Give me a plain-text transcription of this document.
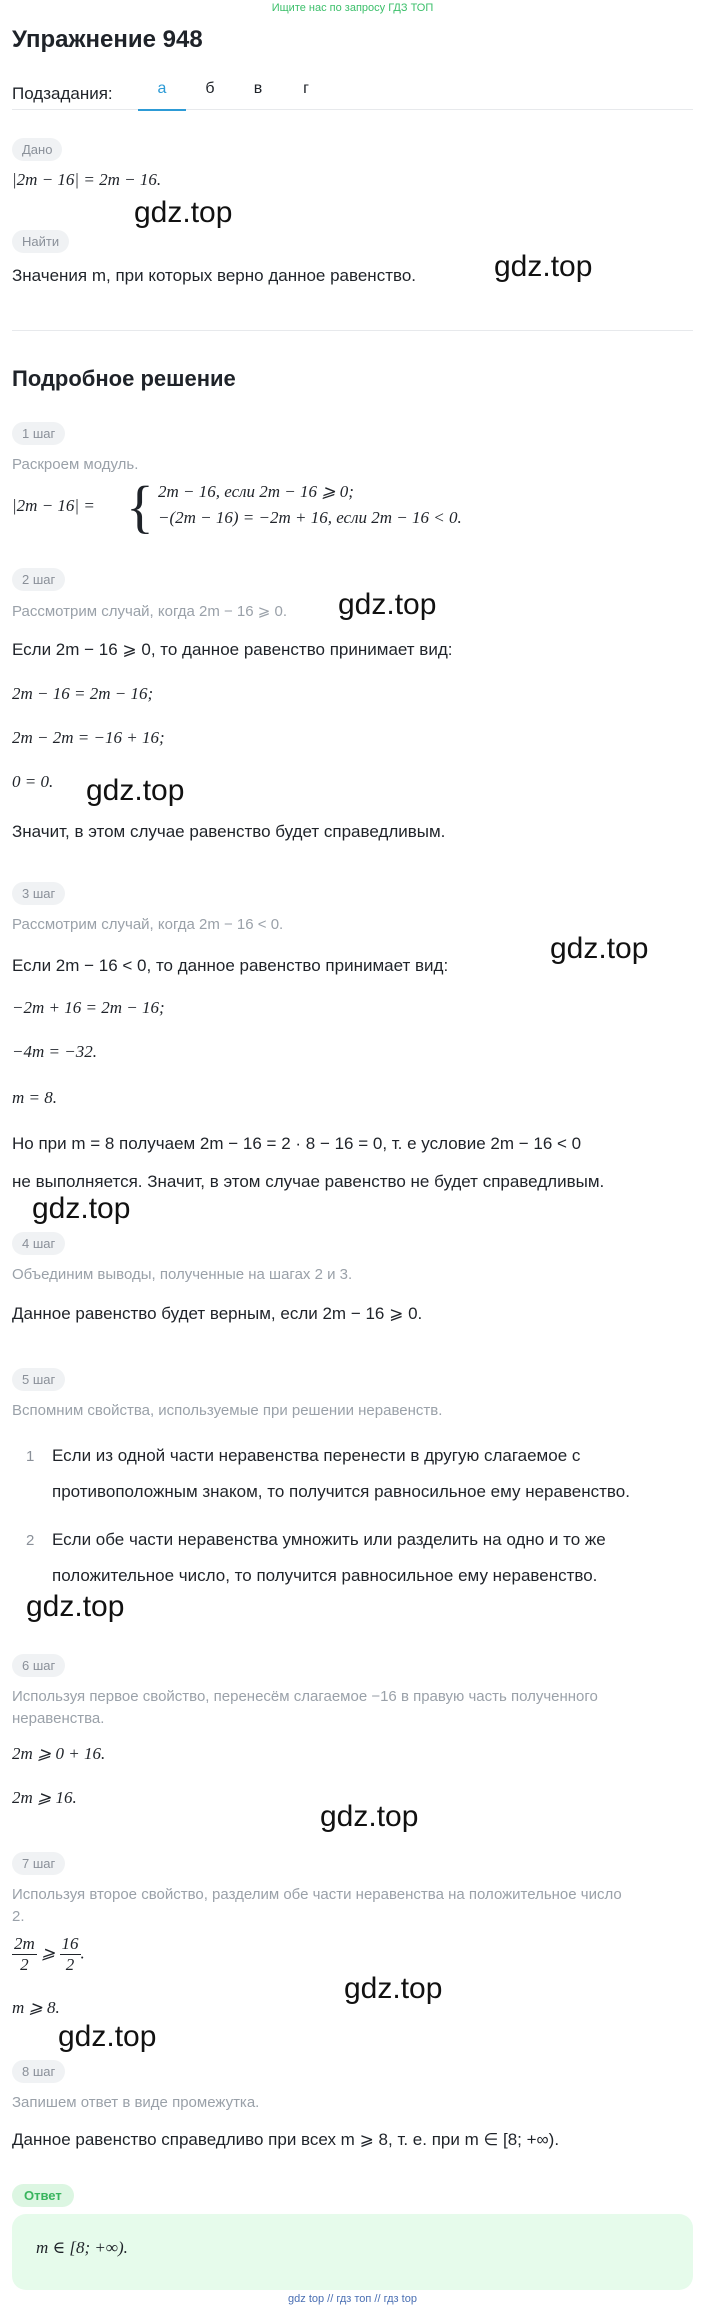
Ищите нас по запросу ГДЗ ТОП
Упражнение 948
Подзадания:	а	б	в	г
Дано
|2m − 16| = 2m − 16.
Найти
Значения m, при которых верно данное равенство.
Подробное решение
1 шаг
Раскроем модуль.
|2m − 16| = { 2m − 16, если 2m − 16 ⩾ 0;
−(2m − 16) = −2m + 16, если 2m − 16 < 0.
2 шаг
Рассмотрим случай, когда 2m − 16 ⩾ 0.
Если 2m − 16 ⩾ 0, то данное равенство принимает вид:
2m − 16 = 2m − 16;
2m − 2m = −16 + 16;
0 = 0.
Значит, в этом случае равенство будет справедливым.
3 шаг
Рассмотрим случай, когда 2m − 16 < 0.
Если 2m − 16 < 0, то данное равенство принимает вид:
−2m + 16 = 2m − 16;
−4m = −32.
m = 8.
Но при m = 8 получаем 2m − 16 = 2 · 8 − 16 = 0, т. е условие 2m − 16 < 0
не выполняется. Значит, в этом случае равенство не будет справедливым.
4 шаг
Объединим выводы, полученные на шагах 2 и 3.
Данное равенство будет верным, если 2m − 16 ⩾ 0.
5 шаг
Вспомним свойства, используемые при решении неравенств.
1 Если из одной части неравенства перенести в другую слагаемое с
противоположным знаком, то получится равносильное ему неравенство.
2 Если обе части неравенства умножить или разделить на одно и то же
положительное число, то получится равносильное ему неравенство.
6 шаг
Используя первое свойство, перенесём слагаемое −16 в правую часть полученного
неравенства.
2m ⩾ 0 + 16.
2m ⩾ 16.
7 шаг
Используя второе свойство, разделим обе части неравенства на положительное число
2.
$\frac{2m}{2}$ ⩾ $\frac{16}{2}$ .
m ⩾ 8.
8 шаг
Запишем ответ в виде промежутка.
Данное равенство справедливо при всех m ⩾ 8, т. е. при m ∈ [8; +∞).
Ответ
m ∈ [8; +∞).
gdz.top
gdz.top
gdz.top
gdz.top
gdz.top
gdz.top
gdz.top
gdz.top
gdz.top
gdz.top
gdz top // гдз топ // гдз top
